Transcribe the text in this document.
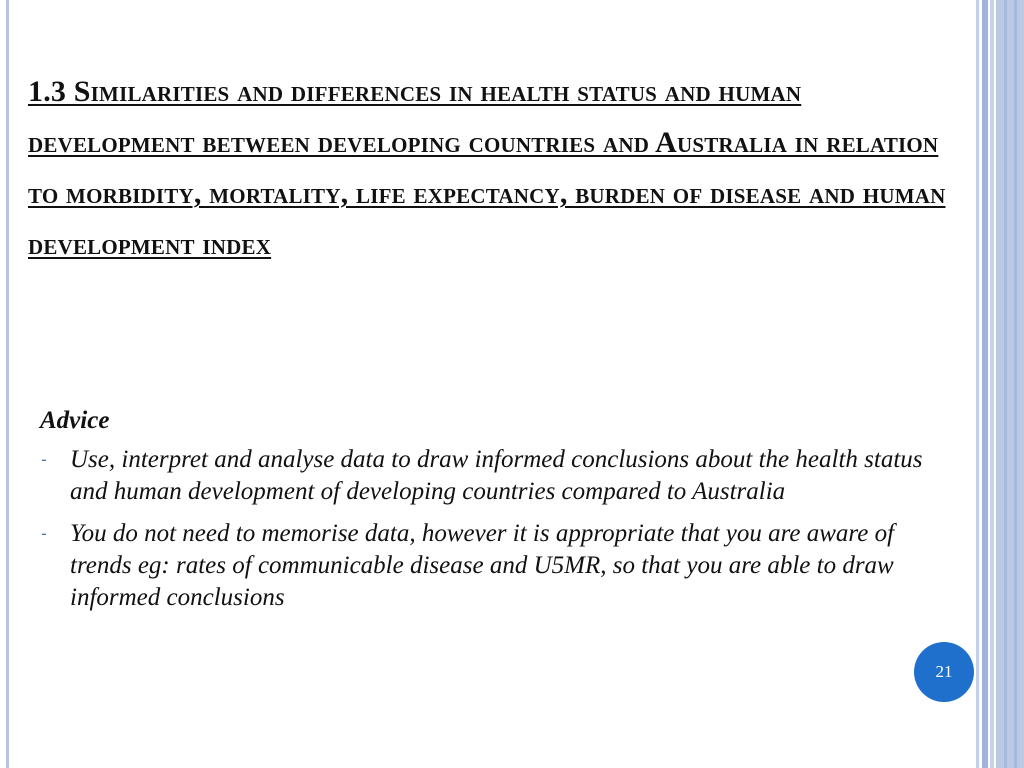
1.3 Similarities and differences in health status and human development between developing countries and Australia in relation to morbidity, mortality, life expectancy, burden of disease and human development index

Advice

- Use, interpret and analyse data to draw informed conclusions about the health status and human development of developing countries compared to Australia
- You do not need to memorise data, however it is appropriate that you are aware of trends eg: rates of communicable disease and U5MR, so that you are able to draw informed conclusions
21
